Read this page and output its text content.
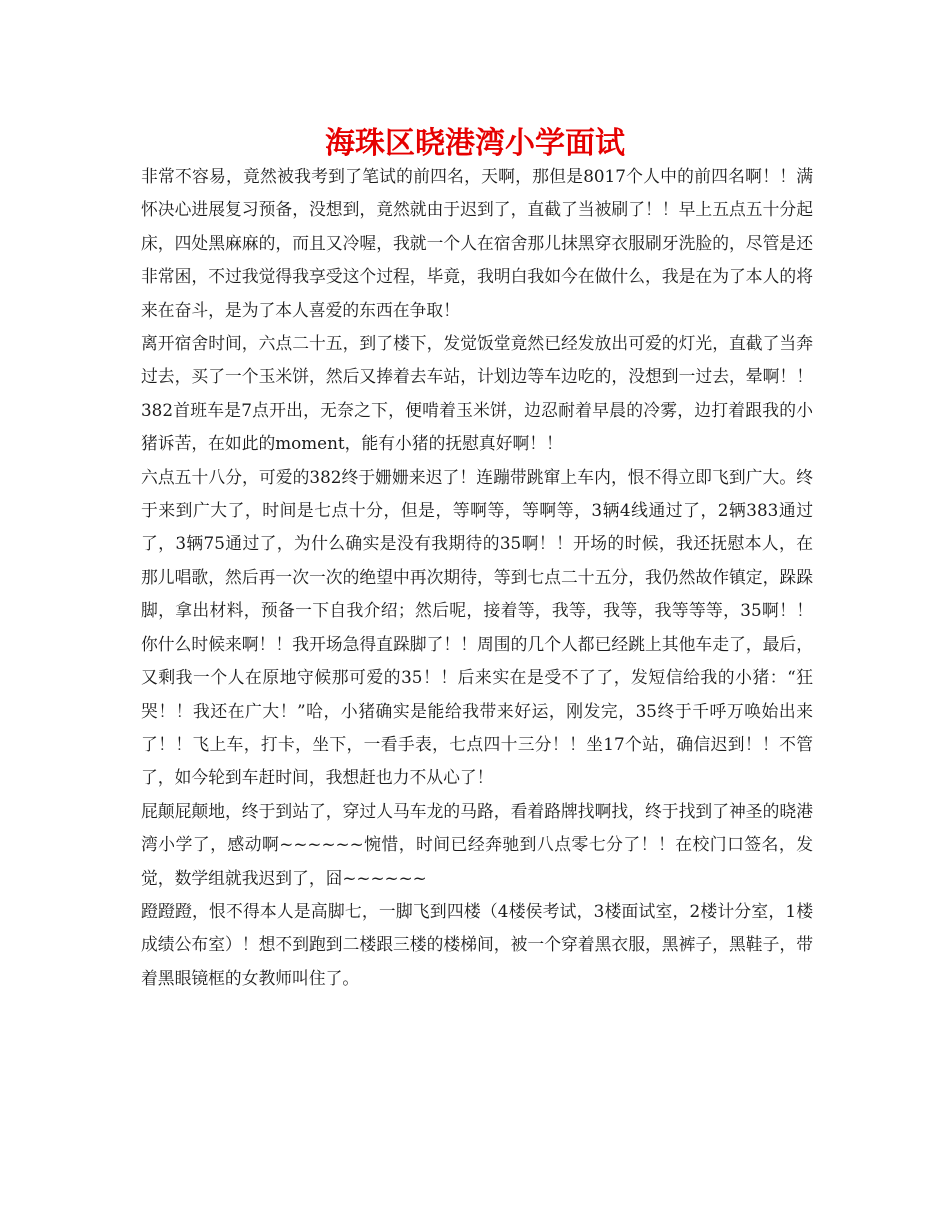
海珠区晓港湾小学面试

非常不容易，竟然被我考到了笔试的前四名，天啊，那但是8017个人中的前四名啊！！满怀决心进展复习预备，没想到，竟然就由于迟到了，直截了当被刷了！！早上五点五十分起床，四处黑麻麻的，而且又冷喔，我就一个人在宿舍那儿抹黑穿衣服刷牙洗脸的，尽管是还非常困，不过我觉得我享受这个过程，毕竟，我明白我如今在做什么，我是在为了本人的将来在奋斗，是为了本人喜爱的东西在争取！

离开宿舍时间，六点二十五，到了楼下，发觉饭堂竟然已经发放出可爱的灯光，直截了当奔过去，买了一个玉米饼，然后又捧着去车站，计划边等车边吃的，没想到一过去，晕啊！！382首班车是7点开出，无奈之下，便啃着玉米饼，边忍耐着早晨的冷雾，边打着跟我的小猪诉苦，在如此的moment，能有小猪的抚慰真好啊！！

六点五十八分，可爱的382终于姗姗来迟了！连蹦带跳窜上车内，恨不得立即飞到广大。终于来到广大了，时间是七点十分，但是，等啊等，等啊等，3辆4线通过了，2辆383通过了，3辆75通过了，为什么确实是没有我期待的35啊！！开场的时候，我还抚慰本人，在那儿唱歌，然后再一次一次的绝望中再次期待，等到七点二十五分，我仍然故作镇定，跺跺脚，拿出材料，预备一下自我介绍；然后呢，接着等，我等，我等，我等等等，35啊！！你什么时候来啊！！我开场急得直跺脚了！！周围的几个人都已经跳上其他车走了，最后，又剩我一个人在原地守候那可爱的35！！后来实在是受不了了，发短信给我的小猪：“狂哭！！我还在广大！”哈，小猪确实是能给我带来好运，刚发完，35终于千呼万唤始出来了！！飞上车，打卡，坐下，一看手表，七点四十三分！！坐17个站，确信迟到！！不管了，如今轮到车赶时间，我想赶也力不从心了！

屁颠屁颠地，终于到站了，穿过人马车龙的马路，看着路牌找啊找，终于找到了神圣的晓港湾小学了，感动啊~~~~~~惋惜，时间已经奔驰到八点零七分了！！在校门口签名，发觉，数学组就我迟到了，囧~~~~~~

蹬蹬蹬，恨不得本人是高脚七，一脚飞到四楼（4楼侯考试，3楼面试室，2楼计分室，1楼成绩公布室）！想不到跑到二楼跟三楼的楼梯间，被一个穿着黑衣服，黑裤子，黑鞋子，带着黑眼镜框的女教师叫住了。
